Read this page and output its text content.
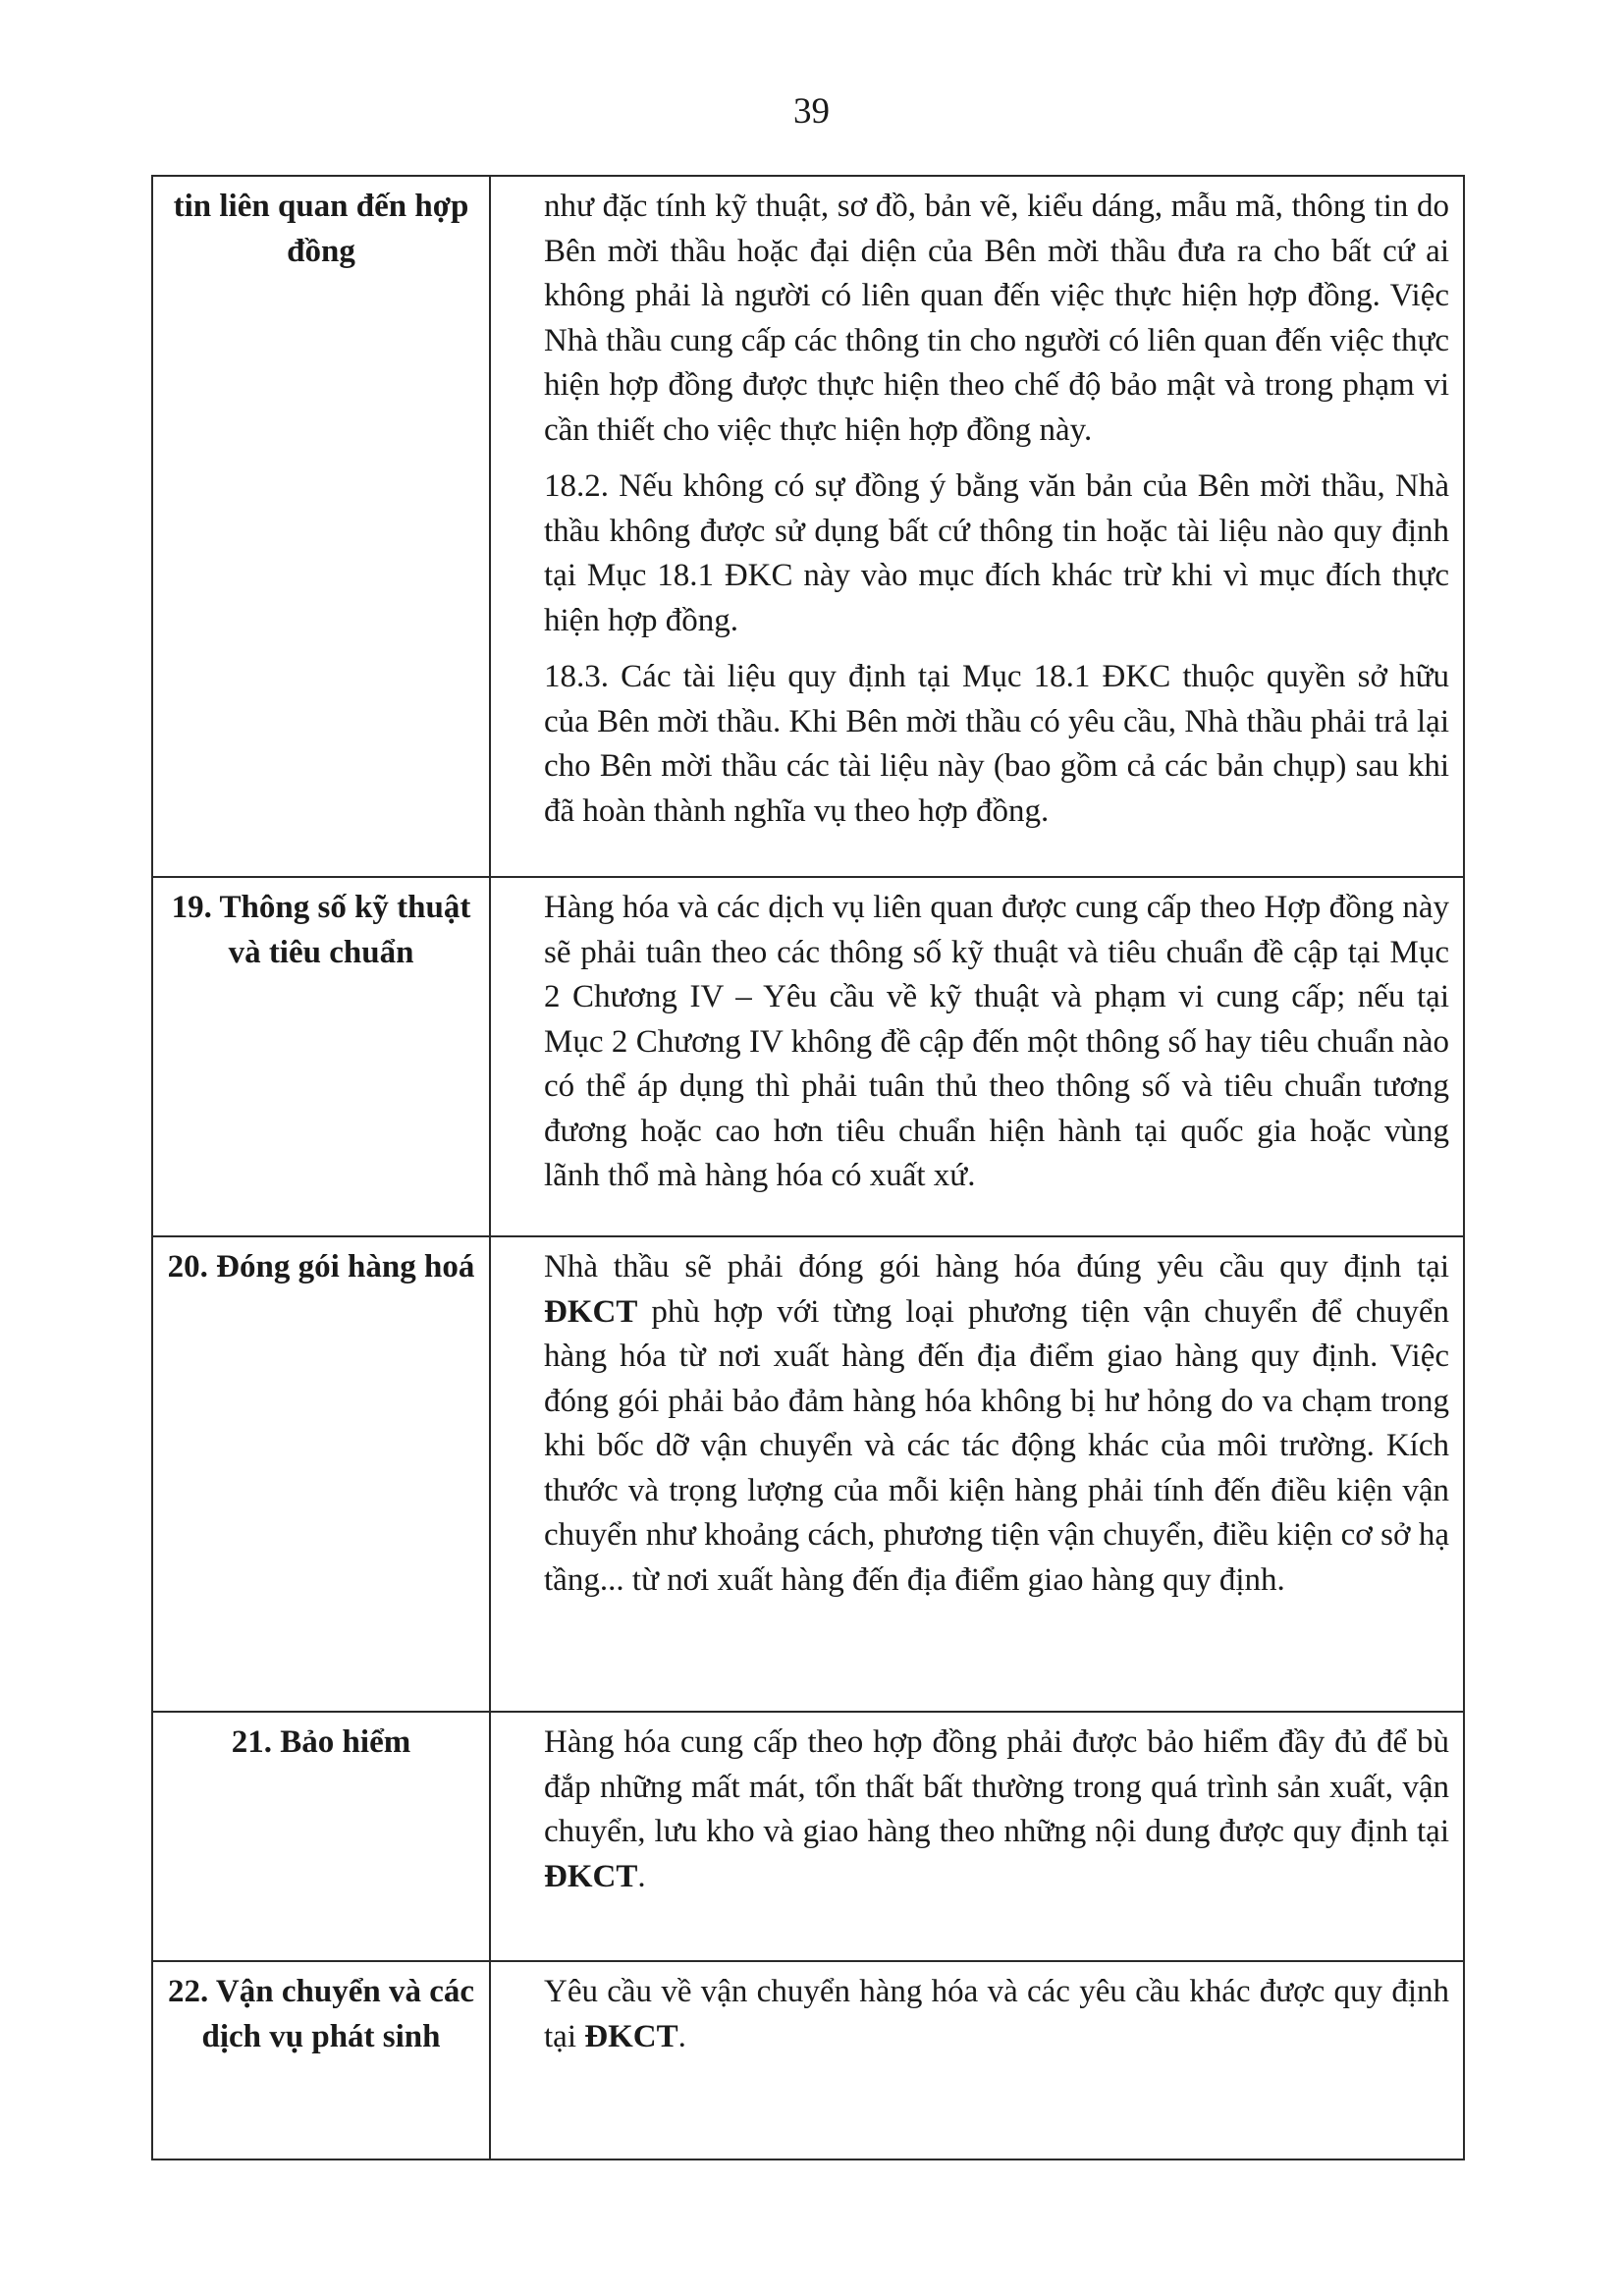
39
tin liên quan đến hợp đồng	như đặc tính kỹ thuật, sơ đồ, bản vẽ, kiểu dáng, mẫu mã, thông tin do Bên mời thầu hoặc đại diện của Bên mời thầu đưa ra cho bất cứ ai không phải là người có liên quan đến việc thực hiện hợp đồng. Việc Nhà thầu cung cấp các thông tin cho người có liên quan đến việc thực hiện hợp đồng được thực hiện theo chế độ bảo mật và trong phạm vi cần thiết cho việc thực hiện hợp đồng này.

18.2. Nếu không có sự đồng ý bằng văn bản của Bên mời thầu, Nhà thầu không được sử dụng bất cứ thông tin hoặc tài liệu nào quy định tại Mục 18.1 ĐKC này vào mục đích khác trừ khi vì mục đích thực hiện hợp đồng.

18.3. Các tài liệu quy định tại Mục 18.1 ĐKC thuộc quyền sở hữu của Bên mời thầu. Khi Bên mời thầu có yêu cầu, Nhà thầu phải trả lại cho Bên mời thầu các tài liệu này (bao gồm cả các bản chụp) sau khi đã hoàn thành nghĩa vụ theo hợp đồng.

19. Thông số kỹ thuật và tiêu chuẩn	Hàng hóa và các dịch vụ liên quan được cung cấp theo Hợp đồng này sẽ phải tuân theo các thông số kỹ thuật và tiêu chuẩn đề cập tại Mục 2 Chương IV – Yêu cầu về kỹ thuật và phạm vi cung cấp; nếu tại Mục 2 Chương IV không đề cập đến một thông số hay tiêu chuẩn nào có thể áp dụng thì phải tuân thủ theo thông số và tiêu chuẩn tương đương hoặc cao hơn tiêu chuẩn hiện hành tại quốc gia hoặc vùng lãnh thổ mà hàng hóa có xuất xứ.

20. Đóng gói hàng hoá	Nhà thầu sẽ phải đóng gói hàng hóa đúng yêu cầu quy định tại ĐKCT phù hợp với từng loại phương tiện vận chuyển để chuyển hàng hóa từ nơi xuất hàng đến địa điểm giao hàng quy định. Việc đóng gói phải bảo đảm hàng hóa không bị hư hỏng do va chạm trong khi bốc dỡ vận chuyển và các tác động khác của môi trường. Kích thước và trọng lượng của mỗi kiện hàng phải tính đến điều kiện vận chuyển như khoảng cách, phương tiện vận chuyển, điều kiện cơ sở hạ tầng... từ nơi xuất hàng đến địa điểm giao hàng quy định.

21. Bảo hiểm	Hàng hóa cung cấp theo hợp đồng phải được bảo hiểm đầy đủ để bù đắp những mất mát, tổn thất bất thường trong quá trình sản xuất, vận chuyển, lưu kho và giao hàng theo những nội dung được quy định tại ĐKCT.

22. Vận chuyển và các dịch vụ phát sinh	Yêu cầu về vận chuyển hàng hóa và các yêu cầu khác được quy định tại ĐKCT.
